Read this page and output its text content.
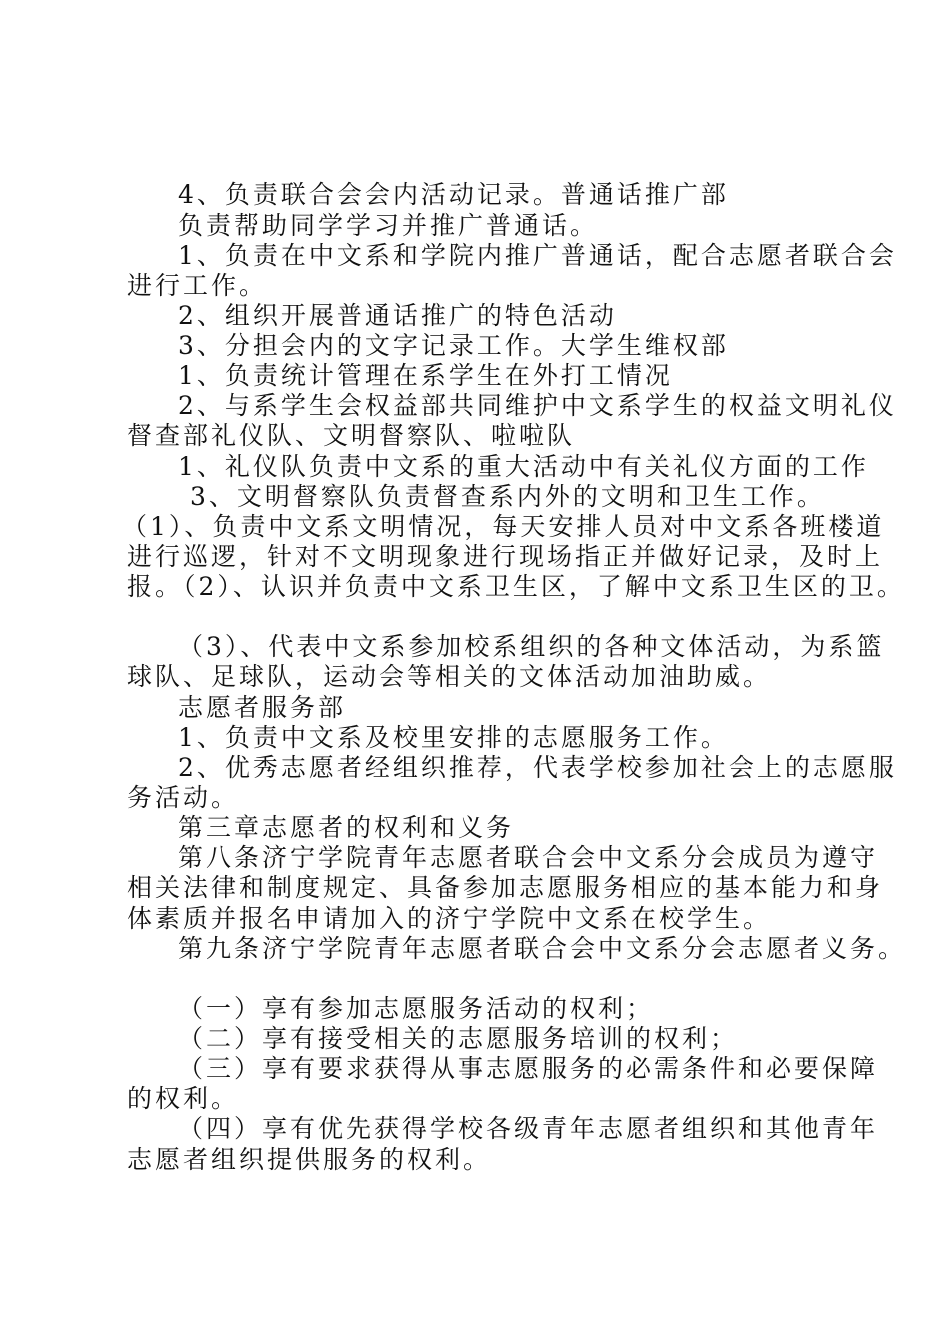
4、负责联合会会内活动记录。普通话推广部
负责帮助同学学习并推广普通话。
1、负责在中文系和学院内推广普通话，配合志愿者联合会
进行工作。
2、组织开展普通话推广的特色活动
3、分担会内的文字记录工作。大学生维权部
1、负责统计管理在系学生在外打工情况
2、与系学生会权益部共同维护中文系学生的权益文明礼仪
督查部礼仪队、文明督察队、啦啦队
1、礼仪队负责中文系的重大活动中有关礼仪方面的工作
3、文明督察队负责督查系内外的文明和卫生工作。
（1）、负责中文系文明情况，每天安排人员对中文系各班楼道
进行巡逻，针对不文明现象进行现场指正并做好记录，及时上
报。（2）、认识并负责中文系卫生区，了解中文系卫生区的卫。
（3）、代表中文系参加校系组织的各种文体活动，为系篮
球队、足球队，运动会等相关的文体活动加油助威。
志愿者服务部
1、负责中文系及校里安排的志愿服务工作。
2、优秀志愿者经组织推荐，代表学校参加社会上的志愿服
务活动。
第三章志愿者的权利和义务
第八条济宁学院青年志愿者联合会中文系分会成员为遵守
相关法律和制度规定、具备参加志愿服务相应的基本能力和身
体素质并报名申请加入的济宁学院中文系在校学生。
第九条济宁学院青年志愿者联合会中文系分会志愿者义务。
（一）享有参加志愿服务活动的权利；
（二）享有接受相关的志愿服务培训的权利；
（三）享有要求获得从事志愿服务的必需条件和必要保障
的权利。
（四）享有优先获得学校各级青年志愿者组织和其他青年
志愿者组织提供服务的权利。
